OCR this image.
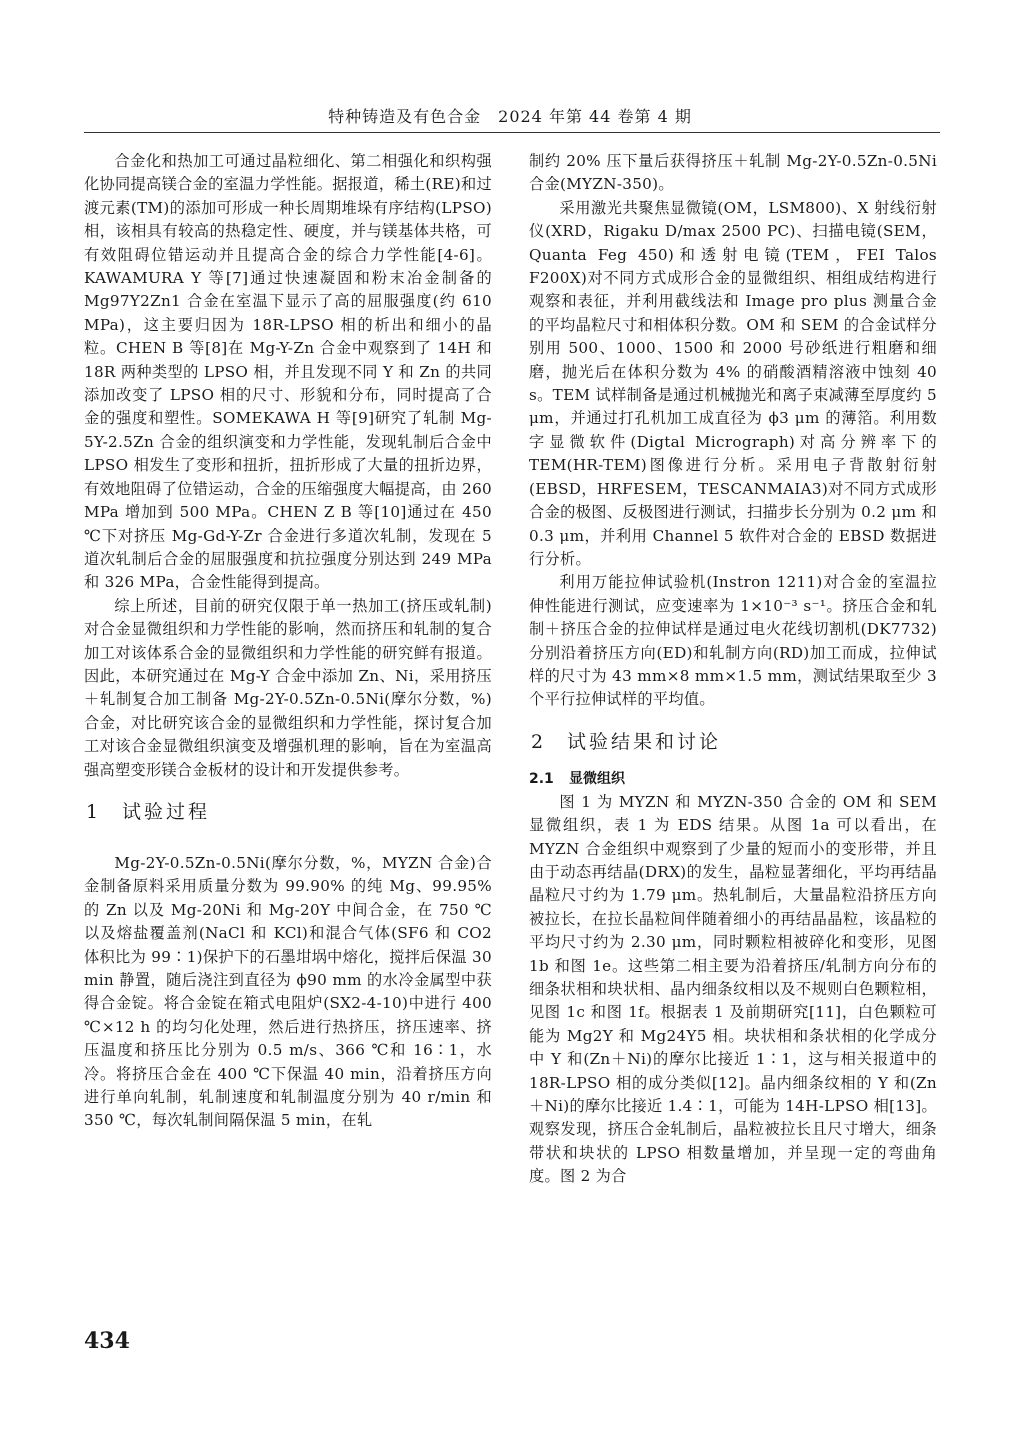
特种铸造及有色合金　2024 年第 44 卷第 4 期

合金化和热加工可通过晶粒细化、第二相强化和织构强化协同提高镁合金的室温力学性能。据报道，稀土(RE)和过渡元素(TM)的添加可形成一种长周期堆垛有序结构(LPSO)相，该相具有较高的热稳定性、硬度，并与镁基体共格，可有效阻碍位错运动并且提高合金的综合力学性能[4-6]。KAWAMURA Y 等[7]通过快速凝固和粉末冶金制备的 Mg97Y2Zn1 合金在室温下显示了高的屈服强度(约 610 MPa)，这主要归因为 18R-LPSO 相的析出和细小的晶粒。CHEN B 等[8]在 Mg-Y-Zn 合金中观察到了 14H 和 18R 两种类型的 LPSO 相，并且发现不同 Y 和 Zn 的共同添加改变了 LPSO 相的尺寸、形貌和分布，同时提高了合金的强度和塑性。SOMEKAWA H 等[9]研究了轧制 Mg-5Y-2.5Zn 合金的组织演变和力学性能，发现轧制后合金中 LPSO 相发生了变形和扭折，扭折形成了大量的扭折边界，有效地阻碍了位错运动，合金的压缩强度大幅提高，由 260 MPa 增加到 500 MPa。CHEN Z B 等[10]通过在 450 ℃下对挤压 Mg-Gd-Y-Zr 合金进行多道次轧制，发现在 5 道次轧制后合金的屈服强度和抗拉强度分别达到 249 MPa 和 326 MPa，合金性能得到提高。

综上所述，目前的研究仅限于单一热加工(挤压或轧制)对合金显微组织和力学性能的影响，然而挤压和轧制的复合加工对该体系合金的显微组织和力学性能的研究鲜有报道。因此，本研究通过在 Mg-Y 合金中添加 Zn、Ni，采用挤压＋轧制复合加工制备 Mg-2Y-0.5Zn-0.5Ni(摩尔分数，%)合金，对比研究该合金的显微组织和力学性能，探讨复合加工对该合金显微组织演变及增强机理的影响，旨在为室温高强高塑变形镁合金板材的设计和开发提供参考。

1 试验过程

Mg-2Y-0.5Zn-0.5Ni(摩尔分数，%，MYZN 合金)合金制备原料采用质量分数为 99.90% 的纯 Mg、99.95% 的 Zn 以及 Mg-20Ni 和 Mg-20Y 中间合金，在 750 ℃以及熔盐覆盖剂(NaCl 和 KCl)和混合气体(SF6 和 CO2 体积比为 99∶1)保护下的石墨坩埚中熔化，搅拌后保温 30 min 静置，随后浇注到直径为 ϕ90 mm 的水冷金属型中获得合金锭。将合金锭在箱式电阻炉(SX2-4-10)中进行 400 ℃×12 h 的均匀化处理，然后进行热挤压，挤压速率、挤压温度和挤压比分别为 0.5 m/s、366 ℃和 16∶1，水冷。将挤压合金在 400 ℃下保温 40 min，沿着挤压方向进行单向轧制，轧制速度和轧制温度分别为 40 r/min 和 350 ℃，每次轧制间隔保温 5 min，在轧

制约 20% 压下量后获得挤压＋轧制 Mg-2Y-0.5Zn-0.5Ni 合金(MYZN-350)。

采用激光共聚焦显微镜(OM，LSM800)、X 射线衍射仪(XRD，Rigaku D/max 2500 PC)、扫描电镜(SEM，Quanta Feg 450)和透射电镜(TEM，FEI Talos F200X)对不同方式成形合金的显微组织、相组成结构进行观察和表征，并利用截线法和 Image pro plus 测量合金的平均晶粒尺寸和相体积分数。OM 和 SEM 的合金试样分别用 500、1000、1500 和 2000 号砂纸进行粗磨和细磨，抛光后在体积分数为 4% 的硝酸酒精溶液中蚀刻 40 s。TEM 试样制备是通过机械抛光和离子束减薄至厚度约 5 μm，并通过打孔机加工成直径为 ϕ3 μm 的薄箔。利用数字显微软件(Digtal Micrograph)对高分辨率下的 TEM(HR-TEM)图像进行分析。采用电子背散射衍射(EBSD，HRFESEM，TESCANMAIA3)对不同方式成形合金的极图、反极图进行测试，扫描步长分别为 0.2 μm 和 0.3 μm，并利用 Channel 5 软件对合金的 EBSD 数据进行分析。

利用万能拉伸试验机(Instron 1211)对合金的室温拉伸性能进行测试，应变速率为 1×10⁻³ s⁻¹。挤压合金和轧制＋挤压合金的拉伸试样是通过电火花线切割机(DK7732)分别沿着挤压方向(ED)和轧制方向(RD)加工而成，拉伸试样的尺寸为 43 mm×8 mm×1.5 mm，测试结果取至少 3 个平行拉伸试样的平均值。

2 试验结果和讨论

2.1 显微组织

图 1 为 MYZN 和 MYZN-350 合金的 OM 和 SEM 显微组织，表 1 为 EDS 结果。从图 1a 可以看出，在 MYZN 合金组织中观察到了少量的短而小的变形带，并且由于动态再结晶(DRX)的发生，晶粒显著细化，平均再结晶晶粒尺寸约为 1.79 μm。热轧制后，大量晶粒沿挤压方向被拉长，在拉长晶粒间伴随着细小的再结晶晶粒，该晶粒的平均尺寸约为 2.30 μm，同时颗粒相被碎化和变形，见图 1b 和图 1e。这些第二相主要为沿着挤压/轧制方向分布的细条状相和块状相、晶内细条纹相以及不规则白色颗粒相，见图 1c 和图 1f。根据表 1 及前期研究[11]，白色颗粒可能为 Mg2Y 和 Mg24Y5 相。块状相和条状相的化学成分中 Y 和(Zn＋Ni)的摩尔比接近 1∶1，这与相关报道中的 18R-LPSO 相的成分类似[12]。晶内细条纹相的 Y 和(Zn＋Ni)的摩尔比接近 1.4∶1，可能为 14H-LPSO 相[13]。观察发现，挤压合金轧制后，晶粒被拉长且尺寸增大，细条带状和块状的 LPSO 相数量增加，并呈现一定的弯曲角度。图 2 为合

434
